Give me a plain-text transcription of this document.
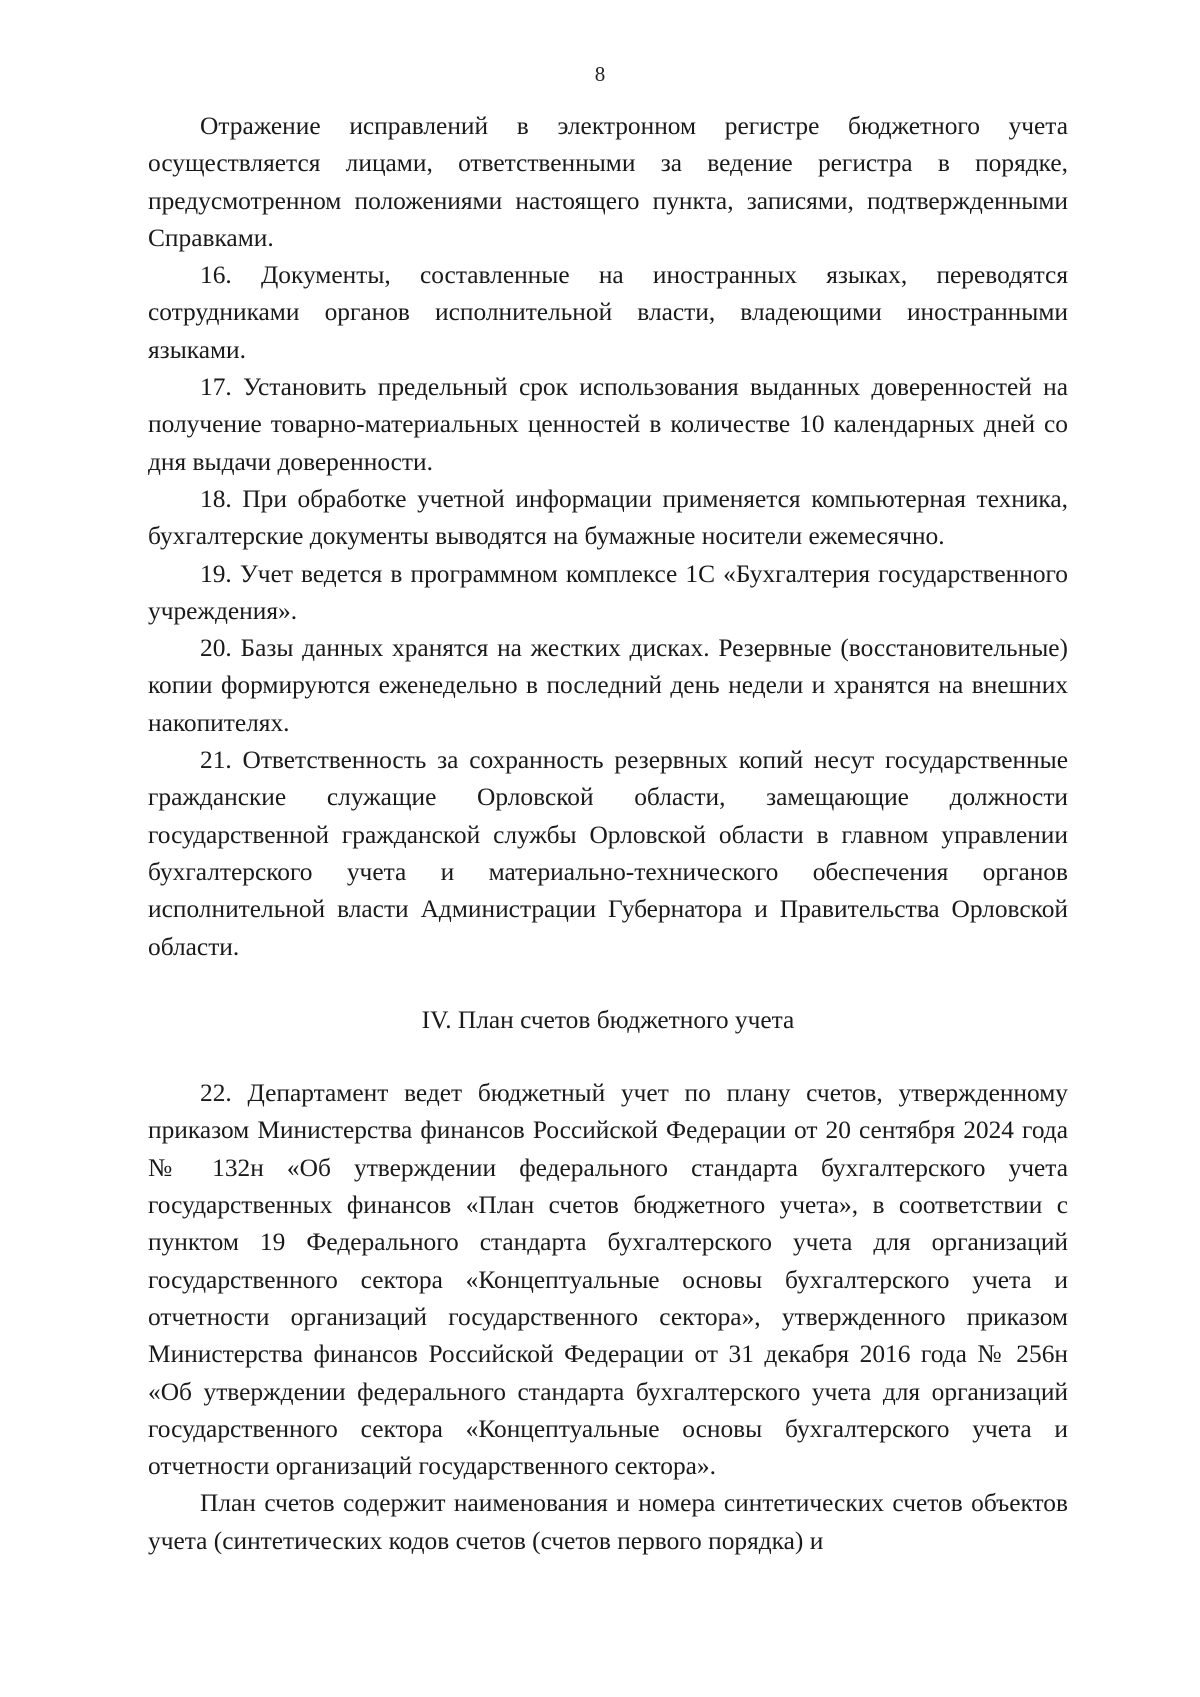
8

Отражение исправлений в электронном регистре бюджетного учета осуществляется лицами, ответственными за ведение регистра в порядке, предусмотренном положениями настоящего пункта, записями, подтвержденными Справками.

16. Документы, составленные на иностранных языках, переводятся сотрудниками органов исполнительной власти, владеющими иностранными языками.

17. Установить предельный срок использования выданных доверенностей на получение товарно-материальных ценностей в количестве 10 календарных дней со дня выдачи доверенности.

18. При обработке учетной информации применяется компьютерная техника, бухгалтерские документы выводятся на бумажные носители ежемесячно.

19. Учет ведется в программном комплексе 1С «Бухгалтерия государственного учреждения».

20. Базы данных хранятся на жестких дисках. Резервные (восстановительные) копии формируются еженедельно в последний день недели и хранятся на внешних накопителях.

21. Ответственность за сохранность резервных копий несут государственные гражданские служащие Орловской области, замещающие должности государственной гражданской службы Орловской области в главном управлении бухгалтерского учета и материально-технического обеспечения органов исполнительной власти Администрации Губернатора и Правительства Орловской области.

IV. План счетов бюджетного учета

22. Департамент ведет бюджетный учет по плану счетов, утвержденному приказом Министерства финансов Российской Федерации от 20 сентября 2024 года № 132н «Об утверждении федерального стандарта бухгалтерского учета государственных финансов «План счетов бюджетного учета», в соответствии с пунктом 19 Федерального стандарта бухгалтерского учета для организаций государственного сектора «Концептуальные основы бухгалтерского учета и отчетности организаций государственного сектора», утвержденного приказом Министерства финансов Российской Федерации от 31 декабря 2016 года № 256н «Об утверждении федерального стандарта бухгалтерского учета для организаций государственного сектора «Концептуальные основы бухгалтерского учета и отчетности организаций государственного сектора».

План счетов содержит наименования и номера синтетических счетов объектов учета (синтетических кодов счетов (счетов первого порядка) и
